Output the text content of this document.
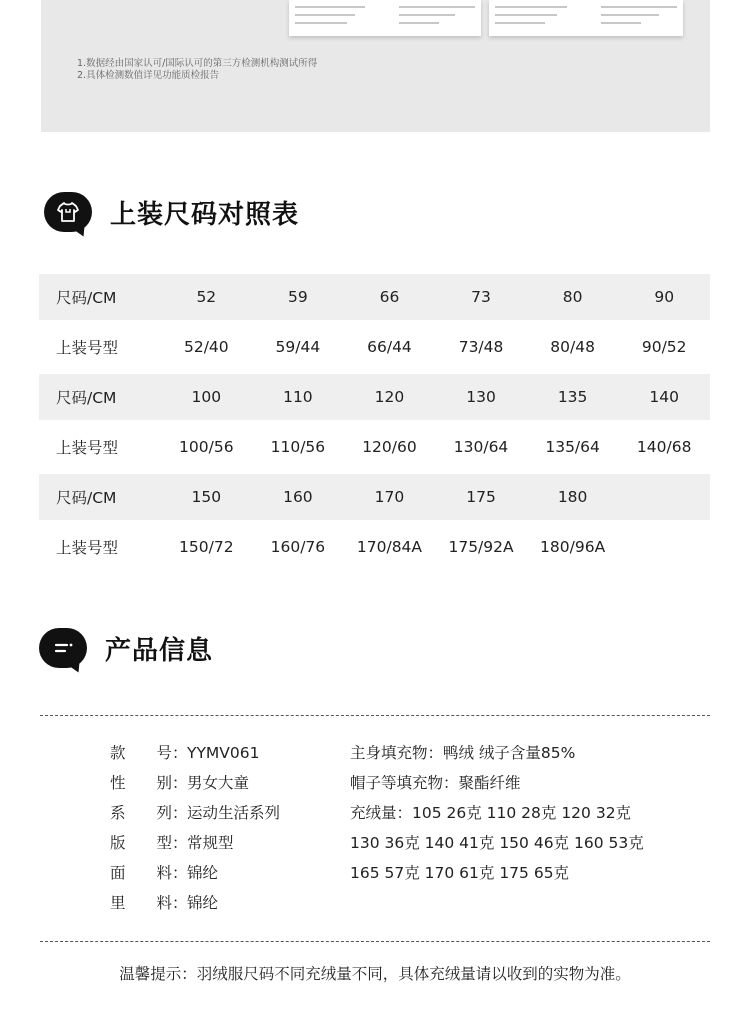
1.数据经由国家认可/国际认可的第三方检测机构测试所得
2.具体检测数值详见功能质检报告
上装尺码对照表
尺码/CM	52	59	66	73	80	90
上装号型	52/40	59/44	66/44	73/48	80/48	90/52
尺码/CM	100	110	120	130	135	140
上装号型	100/56	110/56	120/60	130/64	135/64	140/68
尺码/CM	150	160	170	175	180
上装号型	150/72	160/76	170/84A	175/92A	180/96A
产品信息
款　　号：YYMV061
性　　别：男女大童
系　　列：运动生活系列
版　　型：常规型
面　　料：锦纶
里　　料：锦纶
主身填充物：鸭绒 绒子含量85%
帽子等填充物：聚酯纤维
充绒量：105 26克 110 28克 120 32克
130 36克 140 41克 150 46克 160 53克
165 57克 170 61克 175 65克
温馨提示：羽绒服尺码不同充绒量不同，具体充绒量请以收到的实物为准。
